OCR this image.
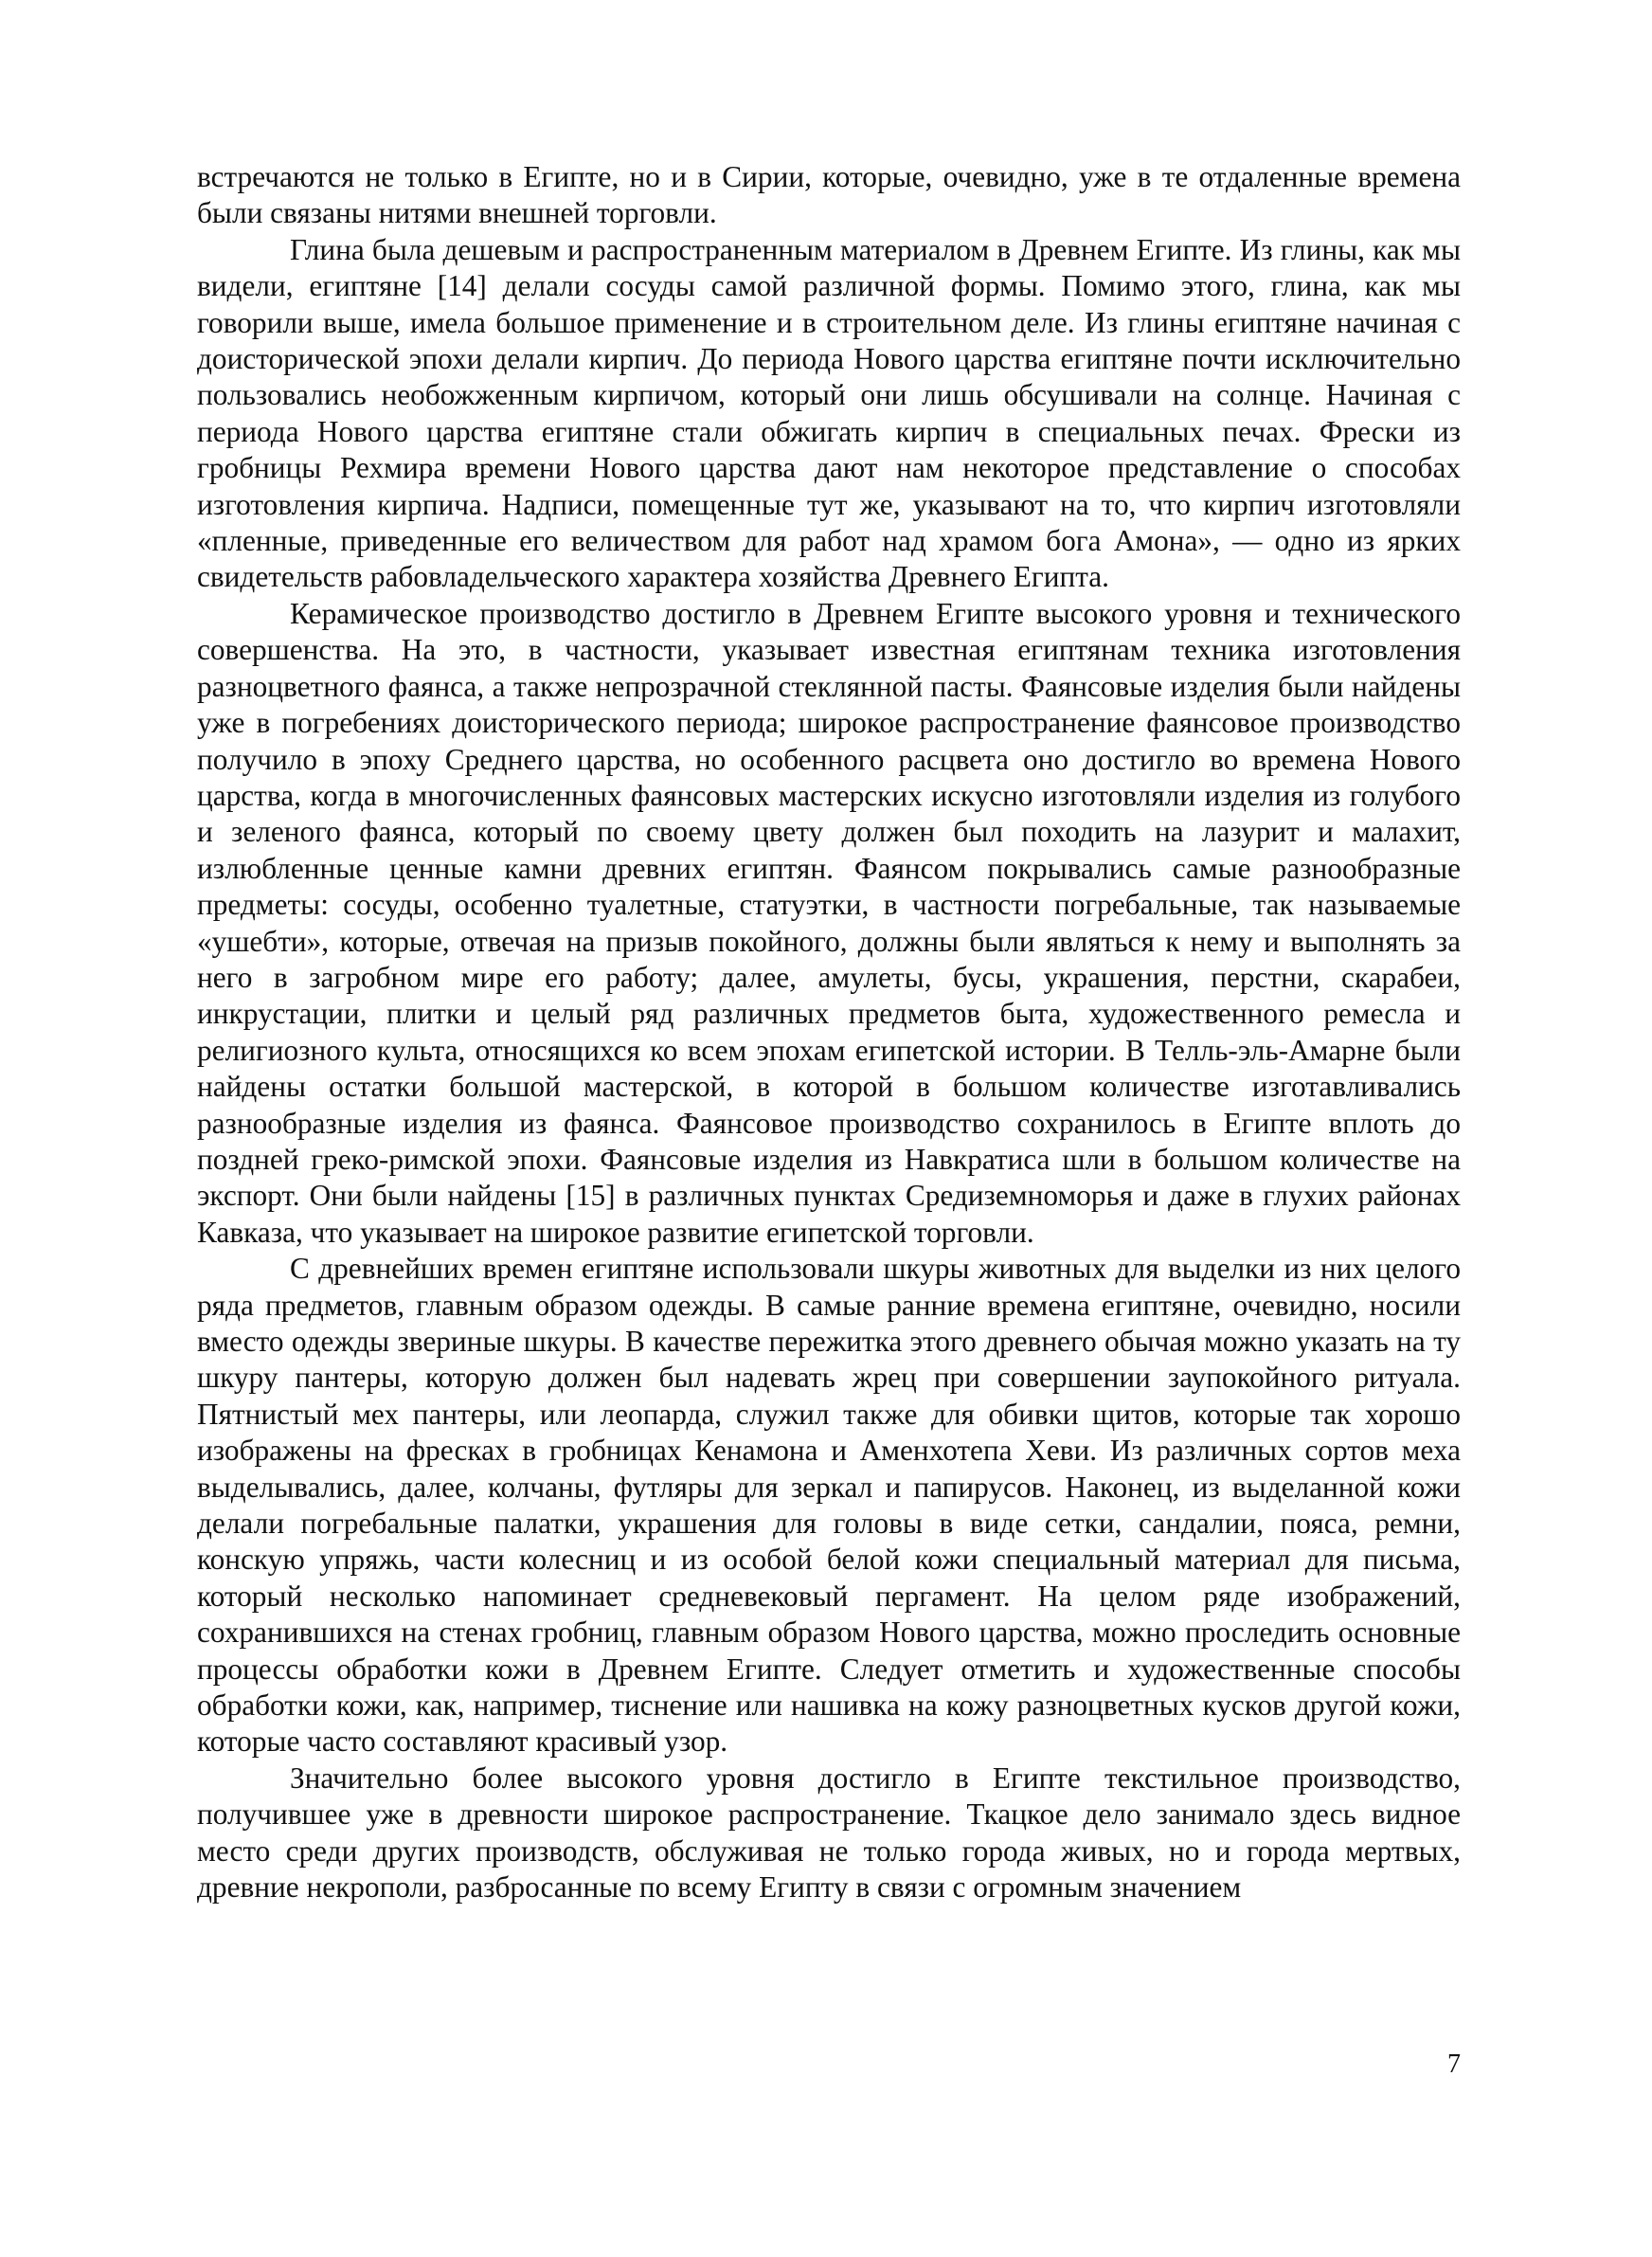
встречаются не только в Египте, но и в Сирии, которые, очевидно, уже в те отдаленные времена были связаны нитями внешней торговли.

Глина была дешевым и распространенным материалом в Древнем Египте. Из глины, как мы видели, египтяне [14] делали сосуды самой различной формы. Помимо этого, глина, как мы говорили выше, имела большое применение и в строительном деле. Из глины египтяне начиная с доисторической эпохи делали кирпич. До периода Нового царства египтяне почти исключительно пользовались необожженным кирпичом, который они лишь обсушивали на солнце. Начиная с периода Нового царства египтяне стали обжигать кирпич в специальных печах. Фрески из гробницы Рехмира времени Нового царства дают нам некоторое представление о способах изготовления кирпича. Надписи, помещенные тут же, указывают на то, что кирпич изготовляли «пленные, приведенные его величеством для работ над храмом бога Амона», — одно из ярких свидетельств рабовладельческого характера хозяйства Древнего Египта.

Керамическое производство достигло в Древнем Египте высокого уровня и технического совершенства. На это, в частности, указывает известная египтянам техника изготовления разноцветного фаянса, а также непрозрачной стеклянной пасты. Фаянсовые изделия были найдены уже в погребениях доисторического периода; широкое распространение фаянсовое производство получило в эпоху Среднего царства, но особенного расцвета оно достигло во времена Нового царства, когда в многочисленных фаянсовых мастерских искусно изготовляли изделия из голубого и зеленого фаянса, который по своему цвету должен был походить на лазурит и малахит, излюбленные ценные камни древних египтян. Фаянсом покрывались самые разнообразные предметы: сосуды, особенно туалетные, статуэтки, в частности погребальные, так называемые «ушебти», которые, отвечая на призыв покойного, должны были являться к нему и выполнять за него в загробном мире его работу; далее, амулеты, бусы, украшения, перстни, скарабеи, инкрустации, плитки и целый ряд различных предметов быта, художественного ремесла и религиозного культа, относящихся ко всем эпохам египетской истории. В Телль-эль-Амарне были найдены остатки большой мастерской, в которой в большом количестве изготавливались разнообразные изделия из фаянса. Фаянсовое производство сохранилось в Египте вплоть до поздней греко-римской эпохи. Фаянсовые изделия из Навкратиса шли в большом количестве на экспорт. Они были найдены [15] в различных пунктах Средиземноморья и даже в глухих районах Кавказа, что указывает на широкое развитие египетской торговли.

С древнейших времен египтяне использовали шкуры животных для выделки из них целого ряда предметов, главным образом одежды. В самые ранние времена египтяне, очевидно, носили вместо одежды звериные шкуры. В качестве пережитка этого древнего обычая можно указать на ту шкуру пантеры, которую должен был надевать жрец при совершении заупокойного ритуала. Пятнистый мех пантеры, или леопарда, служил также для обивки щитов, которые так хорошо изображены на фресках в гробницах Кенамона и Аменхотепа Хеви. Из различных сортов меха выделывались, далее, колчаны, футляры для зеркал и папирусов. Наконец, из выделанной кожи делали погребальные палатки, украшения для головы в виде сетки, сандалии, пояса, ремни, конскую упряжь, части колесниц и из особой белой кожи специальный материал для письма, который несколько напоминает средневековый пергамент. На целом ряде изображений, сохранившихся на стенах гробниц, главным образом Нового царства, можно проследить основные процессы обработки кожи в Древнем Египте. Следует отметить и художественные способы обработки кожи, как, например, тиснение или нашивка на кожу разноцветных кусков другой кожи, которые часто составляют красивый узор.

Значительно более высокого уровня достигло в Египте текстильное производство, получившее уже в древности широкое распространение. Ткацкое дело занимало здесь видное место среди других производств, обслуживая не только города живых, но и города мертвых, древние некрополи, разбросанные по всему Египту в связи с огромным значением

7
